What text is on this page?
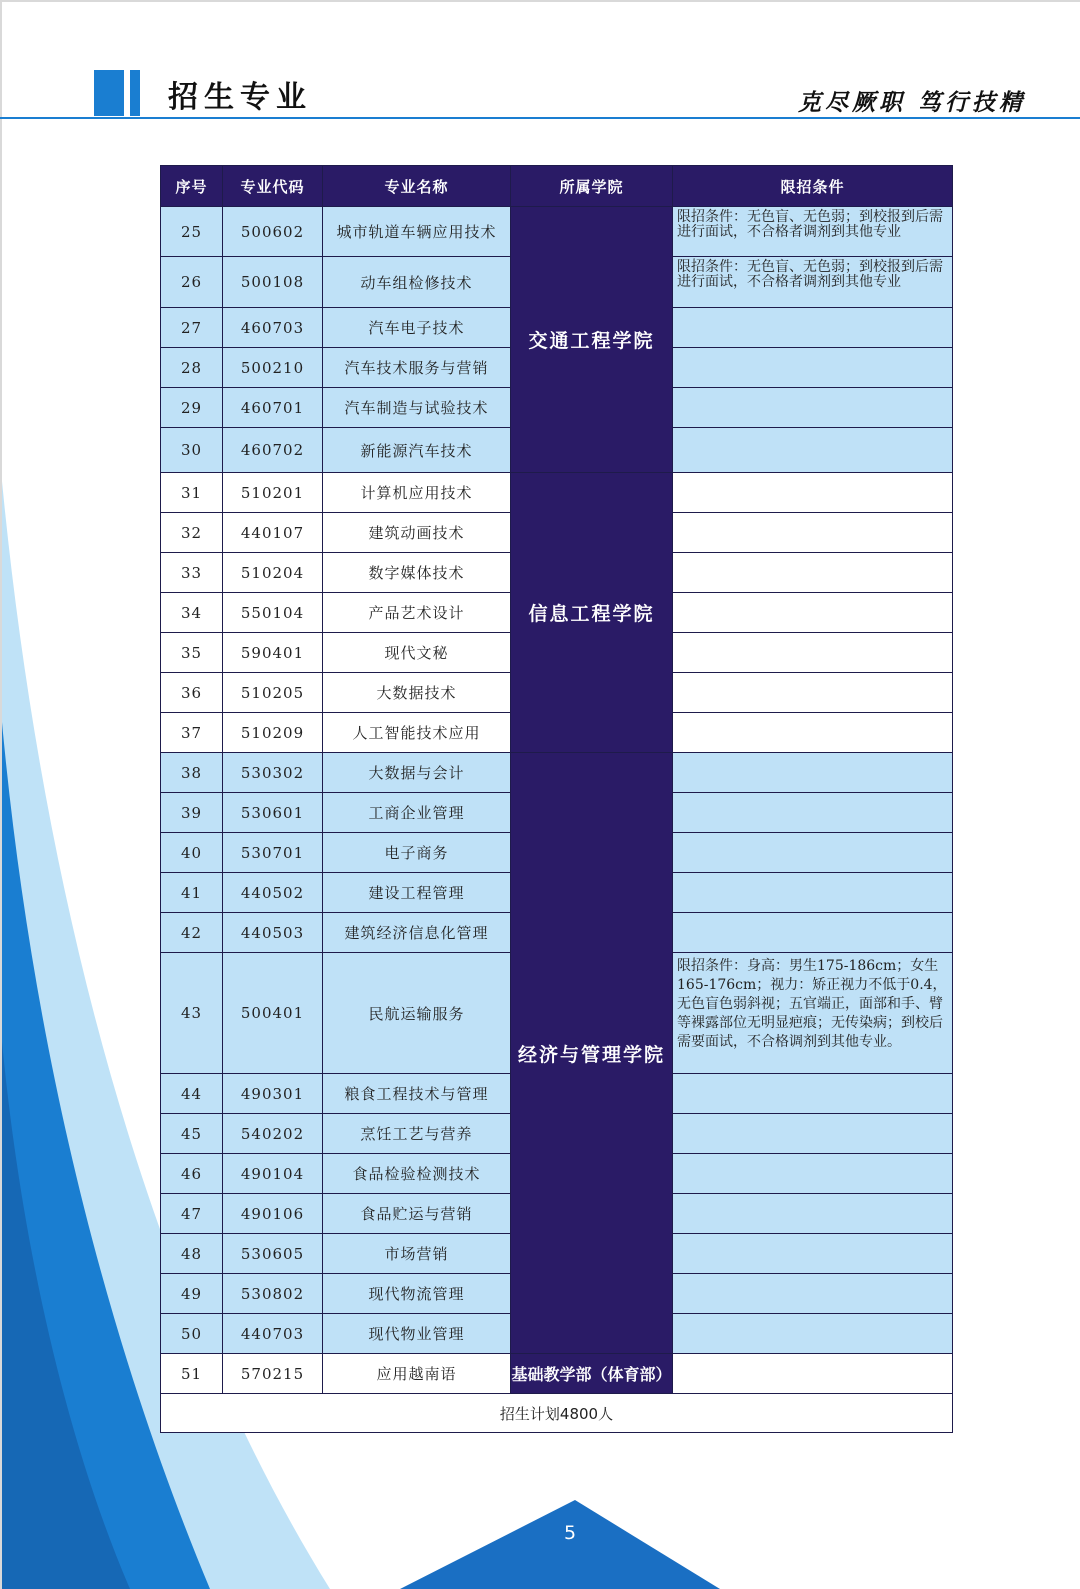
招生专业	克尽厥职 笃行技精
序号	专业代码	专业名称	所属学院	限招条件
25	500602	城市轨道车辆应用技术	交通工程学院	限招条件：无色盲、无色弱；到校报到后需进行面试，不合格者调剂到其他专业
26	500108	动车组检修技术		限招条件：无色盲、无色弱；到校报到后需进行面试，不合格者调剂到其他专业
27	460703	汽车电子技术		
28	500210	汽车技术服务与营销		
29	460701	汽车制造与试验技术		
30	460702	新能源汽车技术		
31	510201	计算机应用技术	信息工程学院	
32	440107	建筑动画技术		
33	510204	数字媒体技术		
34	550104	产品艺术设计		
35	590401	现代文秘		
36	510205	大数据技术		
37	510209	人工智能技术应用		
38	530302	大数据与会计	经济与管理学院	
39	530601	工商企业管理		
40	530701	电子商务		
41	440502	建设工程管理		
42	440503	建筑经济信息化管理		
43	500401	民航运输服务		限招条件：身高：男生175-186cm；女生165-176cm；视力：矫正视力不低于0.4，无色盲色弱斜视；五官端正，面部和手、臂等裸露部位无明显疤痕；无传染病；到校后需要面试，不合格调剂到其他专业。
44	490301	粮食工程技术与管理		
45	540202	烹饪工艺与营养		
46	490104	食品检验检测技术		
47	490106	食品贮运与营销		
48	530605	市场营销		
49	530802	现代物流管理		
50	440703	现代物业管理		
51	570215	应用越南语	基础教学部（体育部）	
招生计划4800人				
5
